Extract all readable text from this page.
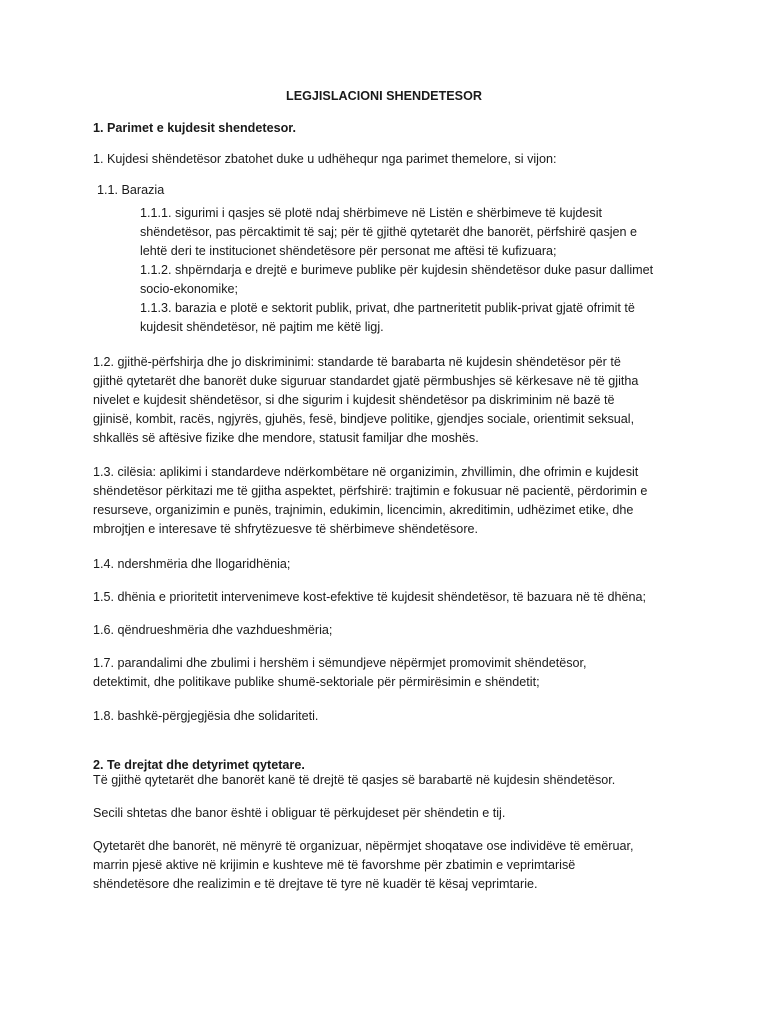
LEGJISLACIONI SHENDETESOR
1. Parimet e kujdesit shendetesor.
1. Kujdesi shëndetësor zbatohet duke u udhëhequr nga parimet themelore, si vijon:
1.1. Barazia
1.1.1. sigurimi i qasjes së plotë ndaj shërbimeve në Listën e shërbimeve të kujdesit
shëndetësor, pas përcaktimit të saj; për të gjithë qytetarët dhe banorët, përfshirë qasjen e
lehtë deri te institucionet shëndetësore për personat me aftësi të kufizuara;
1.1.2. shpërndarja e drejtë e burimeve publike për kujdesin shëndetësor duke pasur dallimet
socio-ekonomike;
1.1.3. barazia e plotë e sektorit publik, privat, dhe partneritetit publik-privat gjatë ofrimit të
kujdesit shëndetësor, në pajtim me këtë ligj.
1.2. gjithë-përfshirja dhe jo diskriminimi: standarde të barabarta në kujdesin shëndetësor për të
gjithë qytetarët dhe banorët duke siguruar standardet gjatë përmbushjes së kërkesave në të gjitha
nivelet e kujdesit shëndetësor, si dhe sigurim i kujdesit shëndetësor pa diskriminim në bazë të
gjinisë, kombit, racës, ngjyrës, gjuhës, fesë, bindjeve politike, gjendjes sociale, orientimit seksual,
shkallës së aftësive fizike dhe mendore, statusit familjar dhe moshës.
1.3. cilësia: aplikimi i standardeve ndërkombëtare në organizimin, zhvillimin, dhe ofrimin e kujdesit
shëndetësor përkitazi me të gjitha aspektet, përfshirë: trajtimin e fokusuar në pacientë, përdorimin e
resurseve, organizimin e punës, trajnimin, edukimin, licencimin, akreditimin, udhëzimet etike, dhe
mbrojtjen e interesave të shfrytëzuesve të shërbimeve shëndetësore.
1.4. ndershmëria dhe llogaridhënia;
1.5. dhënia e prioritetit intervenimeve kost-efektive të kujdesit shëndetësor, të bazuara në të dhëna;
1.6. qëndrueshmëria dhe vazhdueshmëria;
1.7. parandalimi dhe zbulimi i hershëm i sëmundjeve nëpërmjet promovimit shëndetësor,
detektimit, dhe politikave publike shumë-sektoriale për përmirësimin e shëndetit;
1.8. bashkë-përgjegjësia dhe solidariteti.
2. Te drejtat dhe detyrimet qytetare.
Të gjithë qytetarët dhe banorët kanë të drejtë të qasjes së barabartë në kujdesin shëndetësor.
Secili shtetas dhe banor është i obliguar të përkujdeset për shëndetin e tij.
Qytetarët dhe banorët, në mënyrë të organizuar, nëpërmjet shoqatave ose individëve të emëruar,
marrin pjesë aktive në krijimin e kushteve më të favorshme për zbatimin e veprimtarisë
shëndetësore dhe realizimin e të drejtave të tyre në kuadër të kësaj veprimtarie.
